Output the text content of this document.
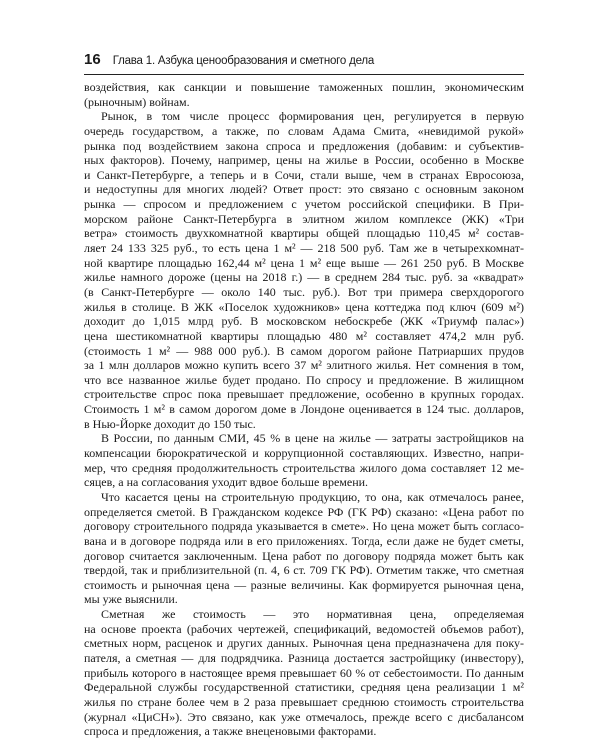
16 Глава 1. Азбука ценообразования и сметного дела
воздействия, как санкции и повышение таможенных пошлин, экономическим
(рыночным) войнам.
Рынок, в том числе процесс формирования цен, регулируется в первую
очередь государством, а также, по словам Адама Смита, «невидимой рукой»
рынка под воздействием закона спроса и предложения (добавим: и субъектив-
ных факторов). Почему, например, цены на жилье в России, особенно в Москве
и Санкт-Петербурге, а теперь и в Сочи, стали выше, чем в странах Евросоюза,
и недоступны для многих людей? Ответ прост: это связано с основным законом
рынка — спросом и предложением с учетом российской специфики. В При-
морском районе Санкт-Петербурга в элитном жилом комплексе (ЖК) «Три
ветра» стоимость двухкомнатной квартиры общей площадью 110,45 м² состав-
ляет 24 133 325 руб., то есть цена 1 м² — 218 500 руб. Там же в четырехкомнат-
ной квартире площадью 162,44 м² цена 1 м² еще выше — 261 250 руб. В Москве
жилье намного дороже (цены на 2018 г.) — в среднем 284 тыс. руб. за «квадрат»
(в Санкт-Петербурге — около 140 тыс. руб.). Вот три примера сверхдорогого
жилья в столице. В ЖК «Поселок художников» цена коттеджа под ключ (609 м²)
доходит до 1,015 млрд руб. В московском небоскребе (ЖК «Триумф палас»)
цена шестикомнатной квартиры площадью 480 м² составляет 474,2 млн руб.
(стоимость 1 м² — 988 000 руб.). В самом дорогом районе Патриарших прудов
за 1 млн долларов можно купить всего 37 м² элитного жилья. Нет сомнения в том,
что все названное жилье будет продано. По спросу и предложение. В жилищном
строительстве спрос пока превышает предложение, особенно в крупных городах.
Стоимость 1 м² в самом дорогом доме в Лондоне оценивается в 124 тыс. долларов,
в Нью-Йорке доходит до 150 тыс.
В России, по данным СМИ, 45 % в цене на жилье — затраты застройщиков на
компенсации бюрократической и коррупционной составляющих. Известно, напри-
мер, что средняя продолжительность строительства жилого дома составляет 12 ме-
сяцев, а на согласования уходит вдвое больше времени.
Что касается цены на строительную продукцию, то она, как отмечалось ранее,
определяется сметой. В Гражданском кодексе РФ (ГК РФ) сказано: «Цена работ по
договору строительного подряда указывается в смете». Но цена может быть согласо-
вана и в договоре подряда или в его приложениях. Тогда, если даже не будет сметы,
договор считается заключенным. Цена работ по договору подряда может быть как
твердой, так и приблизительной (п. 4, 6 ст. 709 ГК РФ). Отметим также, что сметная
стоимость и рыночная цена — разные величины. Как формируется рыночная цена,
мы уже выяснили.
Сметная же стоимость — это нормативная цена, определяемая
на основе проекта (рабочих чертежей, спецификаций, ведомостей объемов работ),
сметных норм, расценок и других данных. Рыночная цена предназначена для поку-
пателя, а сметная — для подрядчика. Разница достается застройщику (инвестору),
прибыль которого в настоящее время превышает 60 % от себестоимости. По данным
Федеральной службы государственной статистики, средняя цена реализации 1 м²
жилья по стране более чем в 2 раза превышает среднюю стоимость строительства
(журнал «ЦиСН»). Это связано, как уже отмечалось, прежде всего с дисбалансом
спроса и предложения, а также внеценовыми факторами.
